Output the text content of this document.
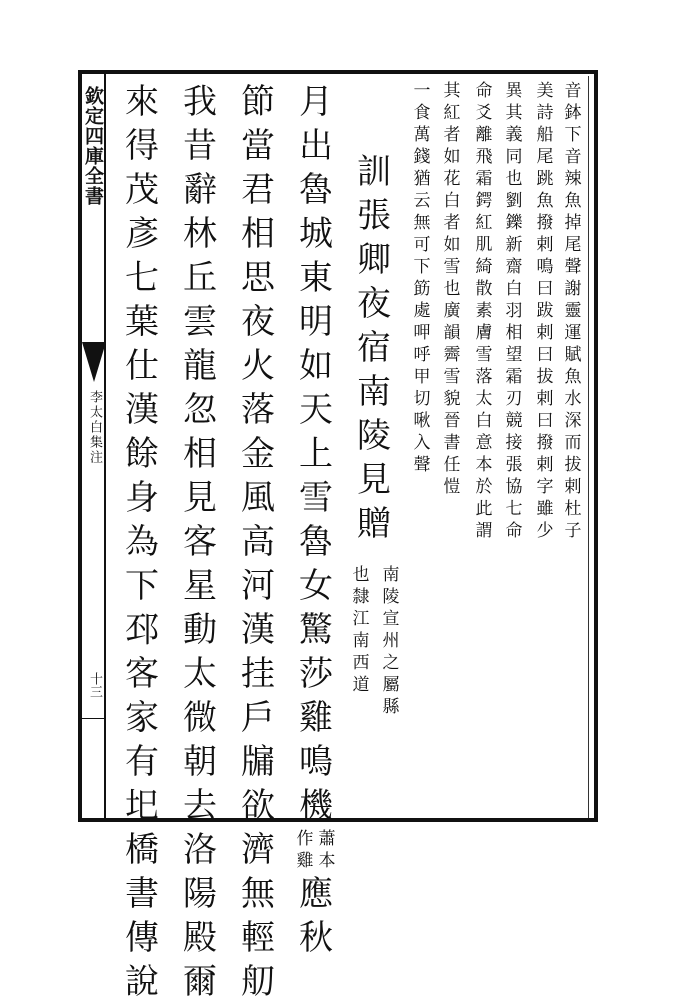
欽定四庫全書
李太白集注
十三
音
鉢
下
音
辣
魚
掉
尾
聲
謝
靈
運
賦
魚
水
深
而
拔
剌
杜
子
美
詩
船
尾
跳
魚
撥
剌
鳴
曰
跋
剌
曰
拔
剌
曰
撥
剌
字
雖
少
異
其
義
同
也
劉
鑠
新
齋
白
羽
相
望
霜
刃
競
接
張
協
七
命
命
爻
離
飛
霜
鍔
紅
肌
綺
散
素
膚
雪
落
太
白
意
本
於
此
謂
其
紅
者
如
花
白
者
如
雪
也
廣
韻
霽
雪
貌
晉
書
任
愷
一
食
萬
錢
猶
云
無
可
下
筯
處
呷
呼
甲
切
啾
入
聲
訓
張
卿
夜
宿
南
陵
見
贈
南
陵
宣
州
之
屬
縣
也
隸
江
南
西
道
月
出
魯
城
東
明
如
天
上
雪
魯
女
驚
莎
雞
鳴
機
蕭
本
作
雞
應
秋
節
當
君
相
思
夜
火
落
金
風
高
河
漢
挂
戶
牖
欲
濟
無
輕
舠
我
昔
辭
林
丘
雲
龍
忽
相
見
客
星
動
太
微
朝
去
洛
陽
殿
爾
來
得
茂
彥
七
葉
仕
漢
餘
身
為
下
邳
客
家
有
圯
橋
書
傳
說
